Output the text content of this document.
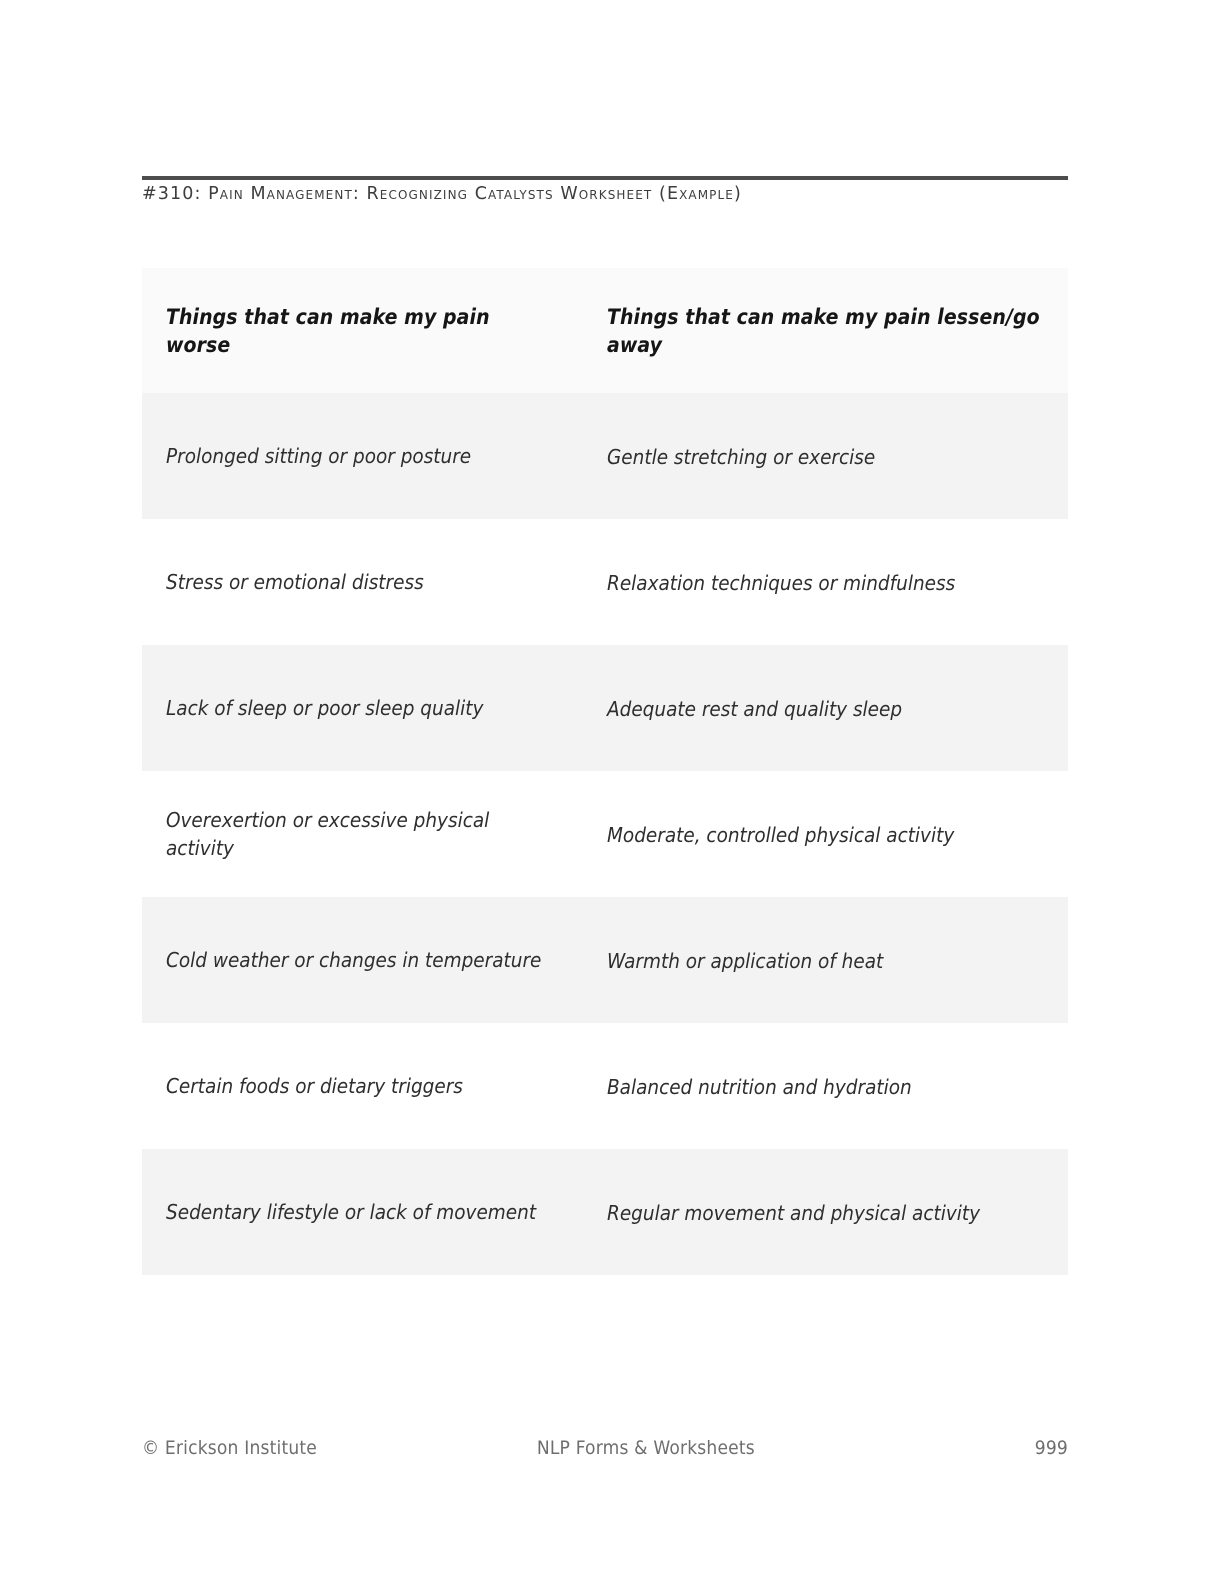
#310: Pain Management: Recognizing Catalysts Worksheet (Example)
Things that can make my pain worse	Things that can make my pain lessen/go away
Prolonged sitting or poor posture	Gentle stretching or exercise
Stress or emotional distress	Relaxation techniques or mindfulness
Lack of sleep or poor sleep quality	Adequate rest and quality sleep
Overexertion or excessive physical activity	Moderate, controlled physical activity
Cold weather or changes in temperature	Warmth or application of heat
Certain foods or dietary triggers	Balanced nutrition and hydration
Sedentary lifestyle or lack of movement	Regular movement and physical activity
© Erickson Institute	NLP Forms & Worksheets	999
